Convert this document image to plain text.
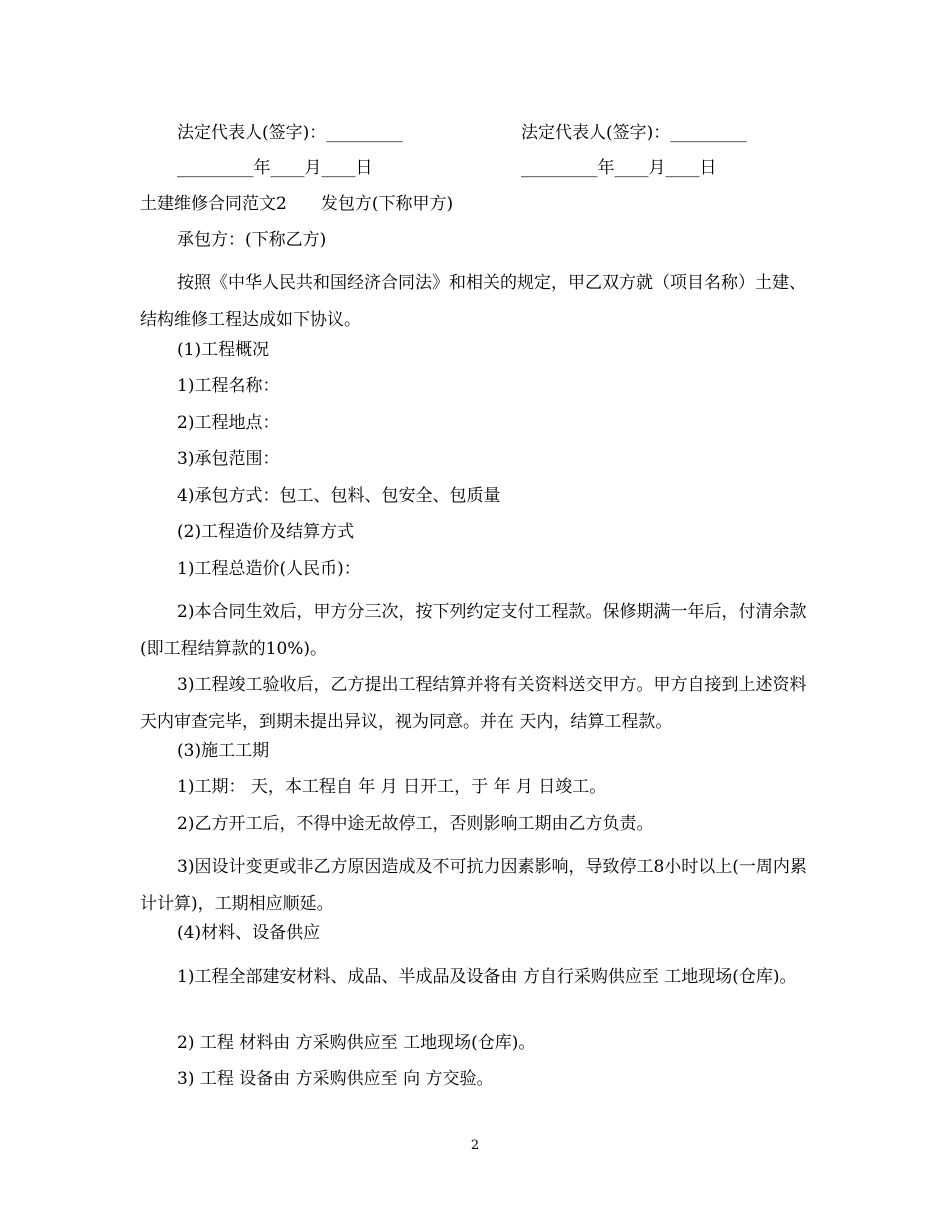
法定代表人(签字)：_________	法定代表人(签字)：_________
_________年____月____日	_________年____月____日
土建维修合同范文2 发包方(下称甲方)
承包方：(下称乙方)
按照《中华人民共和国经济合同法》和相关的规定，甲乙双方就（项目名称）土建、结构维修工程达成如下协议。
(1)工程概况
1)工程名称：
2)工程地点：
3)承包范围：
4)承包方式：包工、包料、包安全、包质量
(2)工程造价及结算方式
1)工程总造价(人民币)：
2)本合同生效后，甲方分三次，按下列约定支付工程款。保修期满一年后，付清余款(即工程结算款的10%)。
3)工程竣工验收后，乙方提出工程结算并将有关资料送交甲方。甲方自接到上述资料 天内审查完毕，到期未提出异议，视为同意。并在 天内，结算工程款。
(3)施工工期
1)工期： 天，本工程自 年 月 日开工，于 年 月 日竣工。
2)乙方开工后，不得中途无故停工，否则影响工期由乙方负责。
3)因设计变更或非乙方原因造成及不可抗力因素影响，导致停工8小时以上(一周内累计计算)，工期相应顺延。
(4)材料、设备供应
1)工程全部建安材料、成品、半成品及设备由 方自行采购供应至 工地现场(仓库)。
2) 工程 材料由 方采购供应至 工地现场(仓库)。
3) 工程 设备由 方采购供应至 向 方交验。
2
